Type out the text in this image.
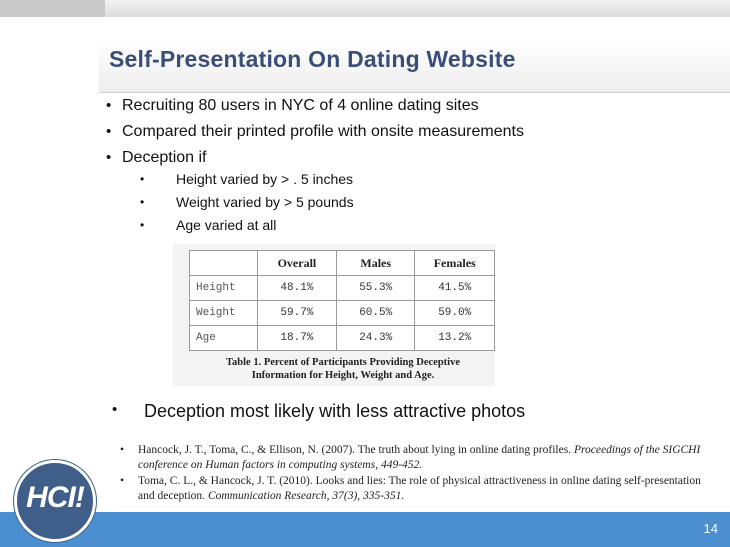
Self-Presentation On Dating Website
• Recruiting 80 users in NYC of 4 online dating sites
• Compared their printed profile with onsite measurements
• Deception if
• Height varied by > . 5 inches
• Weight varied by > 5 pounds
• Age varied at all
	Overall	Males	Females
Height	48.1%	55.3%	41.5%
Weight	59.7%	60.5%	59.0%
Age	18.7%	24.3%	13.2%
Table 1. Percent of Participants Providing Deceptive
Information for Height, Weight and Age.
• Deception most likely with less attractive photos
• Hancock, J. T., Toma, C., & Ellison, N. (2007). The truth about lying in online dating profiles. Proceedings of the SIGCHI conference on Human factors in computing systems, 449-452.
• Toma, C. L., & Hancock, J. T. (2010). Looks and lies: The role of physical attractiveness in online dating self-presentation and deception. Communication Research, 37(3), 335-351.
14
HCI!
